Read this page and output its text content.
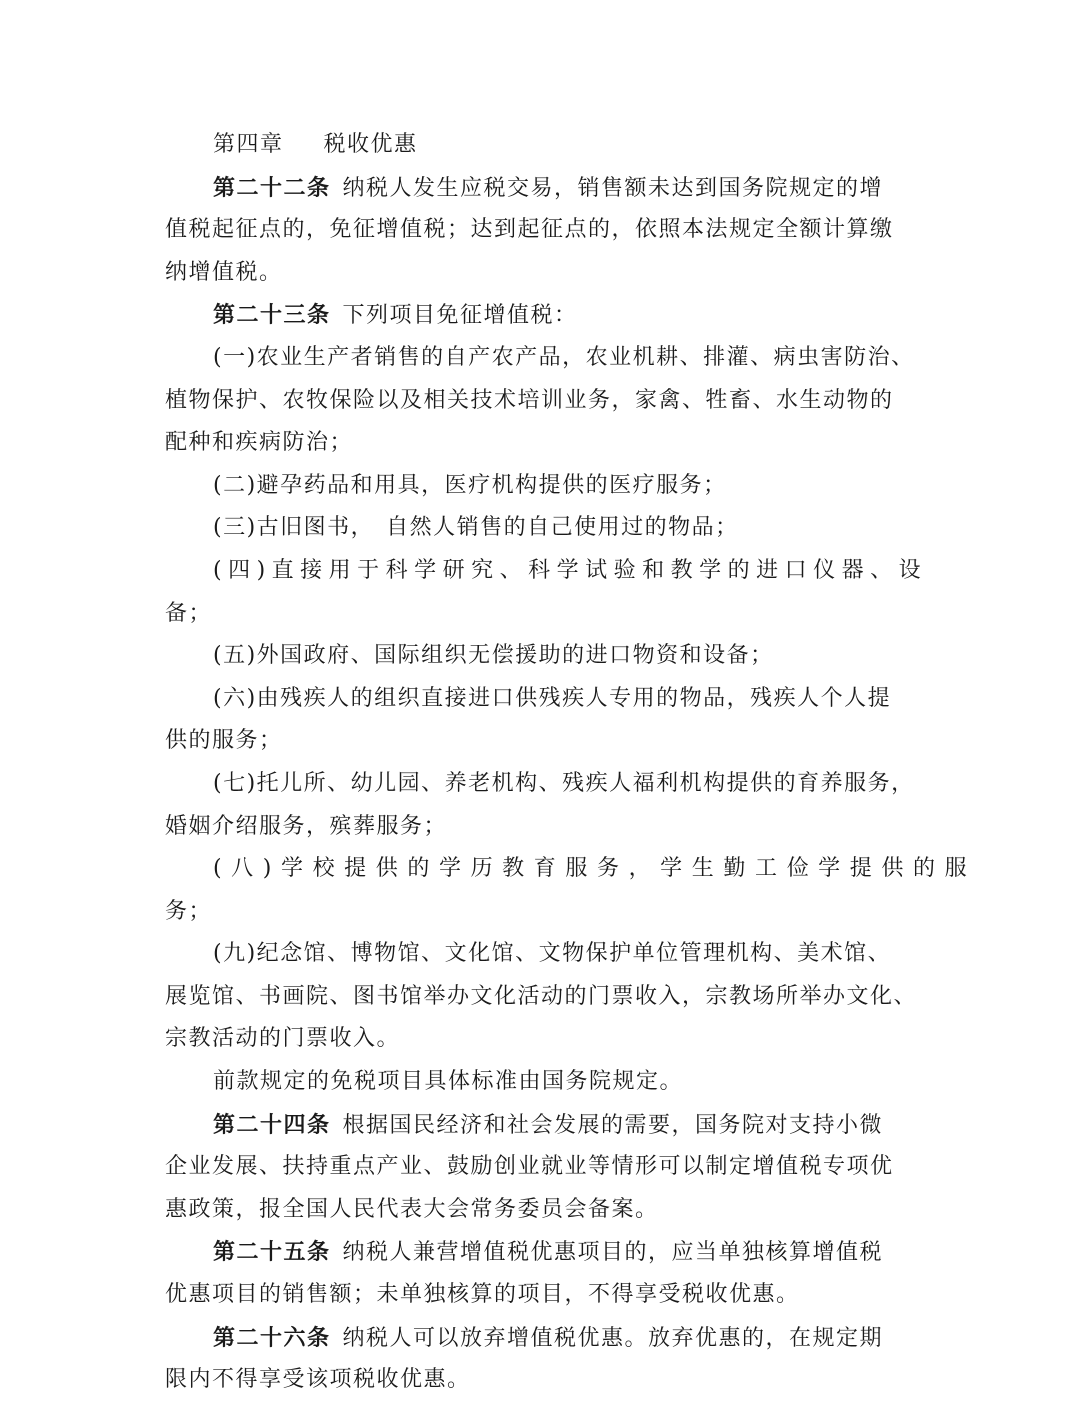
第四章 税收优惠
第二十二条 纳税人发生应税交易，销售额未达到国务院规定的增
值税起征点的，免征增值税；达到起征点的，依照本法规定全额计算缴
纳增值税。
第二十三条 下列项目免征增值税：
(一)农业生产者销售的自产农产品，农业机耕、排灌、病虫害防治、
植物保护、农牧保险以及相关技术培训业务，家禽、牲畜、水生动物的
配种和疾病防治；
(二)避孕药品和用具，医疗机构提供的医疗服务；
(三)古旧图书， 自然人销售的自己使用过的物品；
(四)直接用于科学研究、科学试验和教学的进口仪器、设
备；
(五)外国政府、国际组织无偿援助的进口物资和设备；
(六)由残疾人的组织直接进口供残疾人专用的物品，残疾人个人提
供的服务；
(七)托儿所、幼儿园、养老机构、残疾人福利机构提供的育养服务，
婚姻介绍服务，殡葬服务；
(八)学校提供的学历教育服务，学生勤工俭学提供的服
务；
(九)纪念馆、博物馆、文化馆、文物保护单位管理机构、美术馆、
展览馆、书画院、图书馆举办文化活动的门票收入，宗教场所举办文化、
宗教活动的门票收入。
前款规定的免税项目具体标准由国务院规定。
第二十四条 根据国民经济和社会发展的需要，国务院对支持小微
企业发展、扶持重点产业、鼓励创业就业等情形可以制定增值税专项优
惠政策，报全国人民代表大会常务委员会备案。
第二十五条 纳税人兼营增值税优惠项目的，应当单独核算增值税
优惠项目的销售额；未单独核算的项目，不得享受税收优惠。
第二十六条 纳税人可以放弃增值税优惠。放弃优惠的，在规定期
限内不得享受该项税收优惠。
